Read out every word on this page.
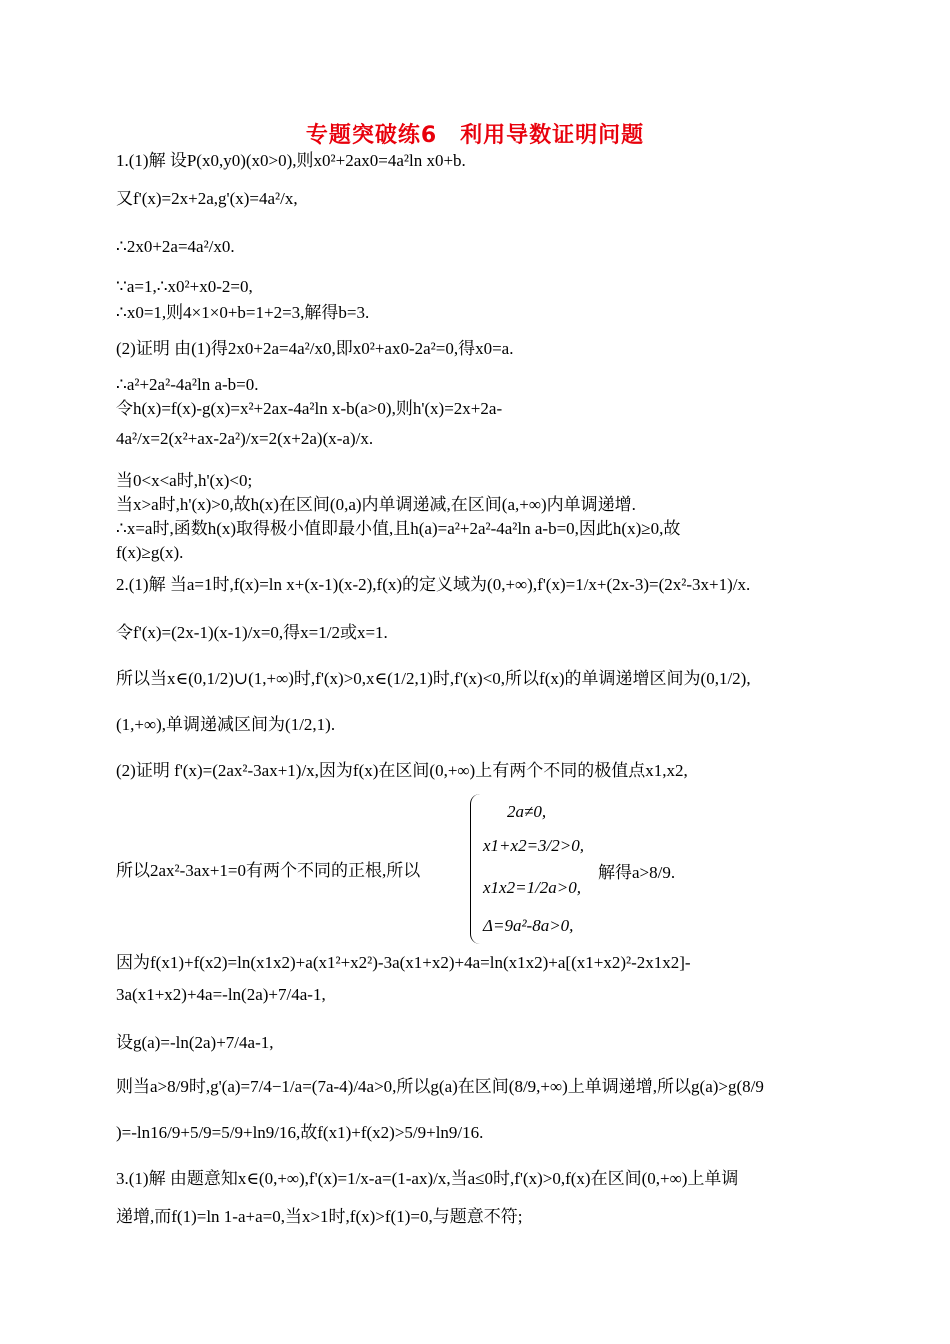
专题突破练6　利用导数证明问题
1.(1)解 设P(x0,y0)(x0>0),则x0²+2ax0=4a²ln x0+b.
又f'(x)=2x+2a,g'(x)=4a²/x,
∴2x0+2a=4a²/x0.
∵a=1,∴x0²+x0-2=0,
∴x0=1,则4×1×0+b=1+2=3,解得b=3.
(2)证明 由(1)得2x0+2a=4a²/x0,即x0²+ax0-2a²=0,得x0=a.
∴a²+2a²-4a²ln a-b=0.
令h(x)=f(x)-g(x)=x²+2ax-4a²ln x-b(a>0),则h'(x)=2x+2a-
4a²/x=2(x²+ax-2a²)/x=2(x+2a)(x-a)/x.
当0<x<a时,h'(x)<0;
当x>a时,h'(x)>0,故h(x)在区间(0,a)内单调递减,在区间(a,+∞)内单调递增.
∴x=a时,函数h(x)取得极小值即最小值,且h(a)=a²+2a²-4a²ln a-b=0,因此h(x)≥0,故
f(x)≥g(x).
2.(1)解 当a=1时,f(x)=ln x+(x-1)(x-2),f(x)的定义域为(0,+∞),f'(x)=1/x+(2x-3)=(2x²-3x+1)/x.
令f'(x)=(2x-1)(x-1)/x=0,得x=1/2或x=1.
所以当x∈(0,1/2)∪(1,+∞)时,f'(x)>0,x∈(1/2,1)时,f'(x)<0,所以f(x)的单调递增区间为(0,1/2),
(1,+∞),单调递减区间为(1/2,1).
(2)证明 f'(x)=(2ax²-3ax+1)/x,因为f(x)在区间(0,+∞)上有两个不同的极值点x1,x2,
所以2ax²-3ax+1=0有两个不同的正根,所以
因为f(x1)+f(x2)=ln(x1x2)+a(x1²+x2²)-3a(x1+x2)+4a=ln(x1x2)+a[(x1+x2)²-2x1x2]-
3a(x1+x2)+4a=-ln(2a)+7/4a-1,
设g(a)=-ln(2a)+7/4a-1,
则当a>8/9时,g'(a)=7/4−1/a=(7a-4)/4a>0,所以g(a)在区间(8/9,+∞)上单调递增,所以g(a)>g(8/9
)=-ln16/9+5/9=5/9+ln9/16,故f(x1)+f(x2)>5/9+ln9/16.
3.(1)解 由题意知x∈(0,+∞),f'(x)=1/x-a=(1-ax)/x,当a≤0时,f'(x)>0,f(x)在区间(0,+∞)上单调
递增,而f(1)=ln 1-a+a=0,当x>1时,f(x)>f(1)=0,与题意不符;
2a≠0,
x1+x2=3/2>0,
x1x2=1/2a>0,
Δ=9a²-8a>0,
解得a>8/9.
